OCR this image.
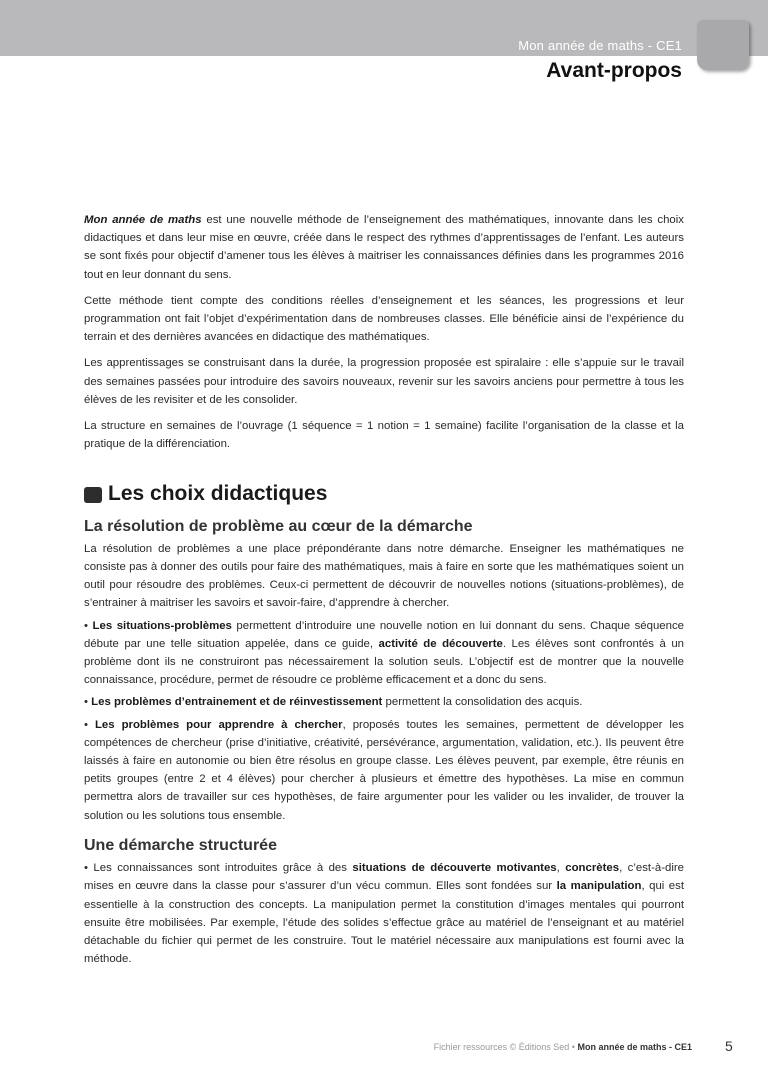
Mon année de maths - CE1
Avant-propos

Mon année de maths est une nouvelle méthode de l’enseignement des mathématiques, innovante dans les choix didactiques et dans leur mise en œuvre, créée dans le respect des rythmes d’apprentissages de l’enfant. Les auteurs se sont fixés pour objectif d’amener tous les élèves à maitriser les connaissances définies dans les programmes 2016 tout en leur donnant du sens.

Cette méthode tient compte des conditions réelles d’enseignement et les séances, les progressions et leur programmation ont fait l’objet d’expérimentation dans de nombreuses classes. Elle bénéficie ainsi de l’expérience du terrain et des dernières avancées en didactique des mathématiques.

Les apprentissages se construisant dans la durée, la progression proposée est spiralaire : elle s’appuie sur le travail des semaines passées pour introduire des savoirs nouveaux, revenir sur les savoirs anciens pour permettre à tous les élèves de les revisiter et de les consolider.

La structure en semaines de l’ouvrage (1 séquence = 1 notion = 1 semaine) facilite l’organisation de la classe et la pratique de la différenciation.

Les choix didactiques
La résolution de problème au cœur de la démarche

La résolution de problèmes a une place prépondérante dans notre démarche. Enseigner les mathématiques ne consiste pas à donner des outils pour faire des mathématiques, mais à faire en sorte que les mathématiques soient un outil pour résoudre des problèmes. Ceux-ci permettent de découvrir de nouvelles notions (situations-problèmes), de s’entrainer à maitriser les savoirs et savoir-faire, d’apprendre à chercher.

• Les situations-problèmes permettent d’introduire une nouvelle notion en lui donnant du sens. Chaque séquence débute par une telle situation appelée, dans ce guide, activité de découverte. Les élèves sont confrontés à un problème dont ils ne construiront pas nécessairement la solution seuls. L’objectif est de montrer que la nouvelle connaissance, procédure, permet de résoudre ce problème efficacement et a donc du sens.

• Les problèmes d’entrainement et de réinvestissement permettent la consolidation des acquis.

• Les problèmes pour apprendre à chercher, proposés toutes les semaines, permettent de développer les compétences de chercheur (prise d’initiative, créativité, persévérance, argumentation, validation, etc.). Ils peuvent être laissés à faire en autonomie ou bien être résolus en groupe classe. Les élèves peuvent, par exemple, être réunis en petits groupes (entre 2 et 4 élèves) pour chercher à plusieurs et émettre des hypothèses. La mise en commun permettra alors de travailler sur ces hypothèses, de faire argumenter pour les valider ou les invalider, de trouver la solution ou les solutions tous ensemble.

Une démarche structurée

• Les connaissances sont introduites grâce à des situations de découverte motivantes, concrètes, c’est-à-dire mises en œuvre dans la classe pour s’assurer d’un vécu commun. Elles sont fondées sur la manipulation, qui est essentielle à la construction des concepts. La manipulation permet la constitution d’images mentales qui pourront ensuite être mobilisées. Par exemple, l’étude des solides s’effectue grâce au matériel de l’enseignant et au matériel détachable du fichier qui permet de les construire. Tout le matériel nécessaire aux manipulations est fourni avec la méthode.

Fichier ressources © Éditions Sed • Mon année de maths - CE1 5
